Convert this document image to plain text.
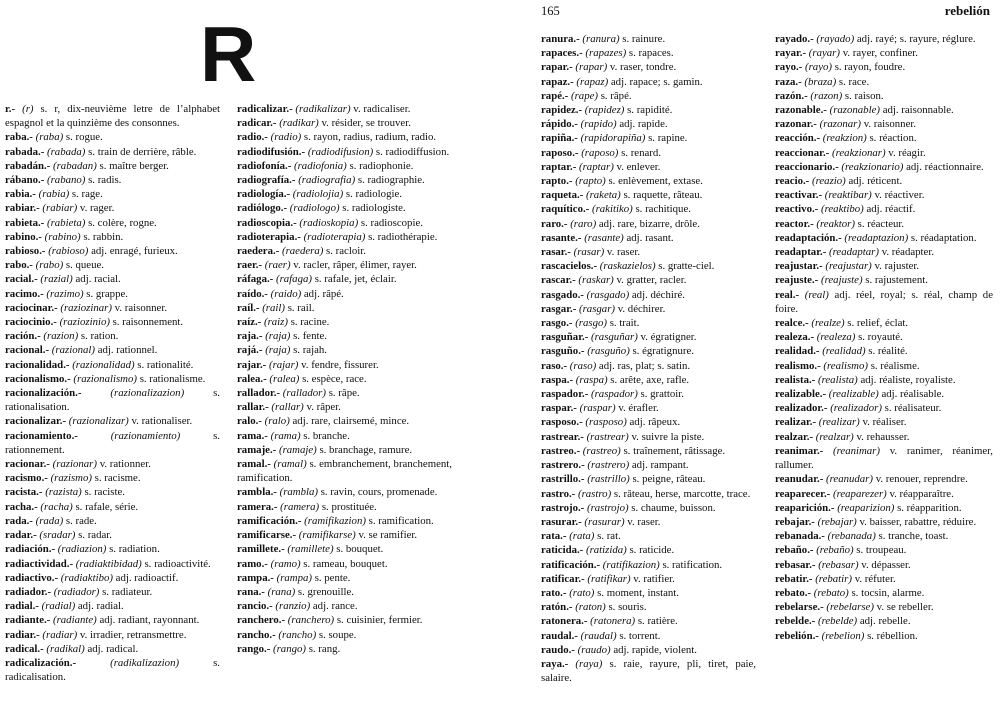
165	rebelión
R
r.- (r) s. r, dix-neuvième letre de l’alphabet espagnol et la quinzième des consonnes.
raba.- (raba) s. rogue.
rabada.- (rabada) s. train de derrière, râble.
rabadán.- (rabadan) s. maître berger.
rábano.- (rabano) s. radis.
rabia.- (rabia) s. rage.
rabiar.- (rabiar) v. rager.
rabieta.- (rabieta) s. colère, rogne.
rabino.- (rabino) s. rabbin.
rabioso.- (rabioso) adj. enragé, furieux.
rabo.- (rabo) s. queue.
racial.- (razial) adj. racial.
racimo.- (razimo) s. grappe.
raciocinar.- (raziozinar) v. raisonner.
raciocinio.- (raziozinio) s. raisonnement.
ración.- (razion) s. ration.
racional.- (razional) adj. rationnel.
racionalidad.- (razionalidad) s. rationalité.
racionalismo.- (razionalismo) s. rationalisme.
racionalización.-	(razionalizazion)	s. rationalisation.
racionalizar.- (razionalizar) v. rationaliser.
racionamiento.-	(razionamiento)	s. rationnement.
racionar.- (razionar) v. rationner.
racismo.- (razismo) s. racisme.
racista.- (razista) s. raciste.
racha.- (racha) s. rafale, série.
rada.- (rada) s. rade.
radar.- (sradar) s. radar.
radiación.- (radiazion) s. radiation.
radiactividad.- (radiaktibidad) s. radioactivité.
radiactivo.- (radiaktibo) adj. radioactif.
radiador.- (radiador) s. radiateur.
radial.- (radial) adj. radial.
radiante.- (radiante) adj. radiant, rayonnant.
radiar.- (radiar) v. irradier, retransmettre.
radical.- (radikal) adj. radical.
radicalización.-	(radikalizazion)	s. radicalisation.
radicalizar.- (radikalizar) v. radicaliser.
radicar.- (radikar) v. résider, se trouver.
radio.- (radio) s. rayon, radius, radium, radio.
radiodifusión.- (radiodifusion) s. radiodiffusion.
radiofonía.- (radiofonia) s. radiophonie.
radiografía.- (radiografia) s. radiographie.
radiología.- (radiolojia) s. radiologie.
radiólogo.- (radiologo) s. radiologiste.
radioscopia.- (radioskopia) s. radioscopie.
radioterapia.- (radioterapia) s. radiothérapie.
raedera.- (raedera) s. racloir.
raer.- (raer) v. racler, râper, élimer, rayer.
ráfaga.- (rafaga) s. rafale, jet, éclair.
raído.- (raido) adj. râpé.
raíl.- (rail) s. rail.
raíz.- (raiz) s. racine.
raja.- (raja) s. fente.
rajá.- (raja) s. rajah.
rajar.- (rajar) v. fendre, fissurer.
ralea.- (ralea) s. espèce, race.
rallador.- (rallador) s. râpe.
rallar.- (rallar) v. râper.
ralo.- (ralo) adj. rare, clairsemé, mince.
rama.- (rama) s. branche.
ramaje.- (ramaje) s. branchage, ramure.
ramal.- (ramal) s. embranchement, branchement, ramification.
rambla.- (rambla) s. ravin, cours, promenade.
ramera.- (ramera) s. prostituée.
ramificación.- (ramifikazion) s. ramification.
ramificarse.- (ramifikarse) v. se ramifier.
ramillete.- (ramillete) s. bouquet.
ramo.- (ramo) s. rameau, bouquet.
rampa.- (rampa) s. pente.
rana.- (rana) s. grenouille.
rancio.- (ranzio) adj. rance.
ranchero.- (ranchero) s. cuisinier, fermier.
rancho.- (rancho) s. soupe.
rango.- (rango) s. rang.
ranura.- (ranura) s. rainure.
rapaces.- (rapazes) s. rapaces.
rapar.- (rapar) v. raser, tondre.
rapaz.- (rapaz) adj. rapace; s. gamin.
rapé.- (rape) s. râpé.
rapidez.- (rapidez) s. rapidité.
rápido.- (rapido) adj. rapide.
rapiña.- (rapidorapiña) s. rapine.
raposo.- (raposo) s. renard.
raptar.- (raptar) v. enlever.
rapto.- (rapto) s. enlèvement, extase.
raqueta.- (raketa) s. raquette, râteau.
raquítico.- (rakitiko) s. rachitique.
raro.- (raro) adj. rare, bizarre, drôle.
rasante.- (rasante) adj. rasant.
rasar.- (rasar) v. raser.
rascacielos.- (raskazielos) s. gratte-ciel.
rascar.- (raskar) v. gratter, racler.
rasgado.- (rasgado) adj. déchiré.
rasgar.- (rasgar) v. déchirer.
rasgo.- (rasgo) s. trait.
rasguñar.- (rasguñar) v. égratigner.
rasguño.- (rasguño) s. égratignure.
raso.- (raso) adj. ras, plat; s. satin.
raspa.- (raspa) s. arête, axe, rafle.
raspador.- (raspador) s. grattoir.
raspar.- (raspar) v. érafler.
rasposo.- (rasposo) adj. râpeux.
rastrear.- (rastrear) v. suivre la piste.
rastreo.- (rastreo) s. traînement, râtissage.
rastrero.- (rastrero) adj. rampant.
rastrillo.- (rastrillo) s. peigne, râteau.
rastro.- (rastro) s. râteau, herse, marcotte, trace.
rastrojo.- (rastrojo) s. chaume, buisson.
rasurar.- (rasurar) v. raser.
rata.- (rata) s. rat.
raticida.- (ratizida) s. raticide.
ratificación.- (ratifikazion) s. ratification.
ratificar.- (ratifikar) v. ratifier.
rato.- (rato) s. moment, instant.
ratón.- (raton) s. souris.
ratonera.- (ratonera) s. ratière.
raudal.- (raudal) s. torrent.
raudo.- (raudo) adj. rapide, violent.
raya.- (raya) s. raie, rayure, pli, tiret, paie, salaire.
rayado.- (rayado) adj. rayé; s. rayure, réglure.
rayar.- (rayar) v. rayer, confiner.
rayo.- (rayo) s. rayon, foudre.
raza.- (braza) s. race.
razón.- (razon) s. raison.
razonable.- (razonable) adj. raisonnable.
razonar.- (razonar) v. raisonner.
reacción.- (reakzion) s. réaction.
reaccionar.- (reakzionar) v. réagir.
reaccionario.- (reakzionario) adj. réactionnaire.
reacio.- (reazio) adj. réticent.
reactivar.- (reaktibar) v. réactiver.
reactivo.- (reaktibo) adj. réactif.
reactor.- (reaktor) s. réacteur.
readaptación.- (readaptazion) s. réadaptation.
readaptar.- (readaptar) v. réadapter.
reajustar.- (reajustar) v. rajuster.
reajuste.- (reajuste) s. rajustement.
real.- (real) adj. réel, royal; s. réal, champ de foire.
realce.- (realze) s. relief, éclat.
realeza.- (realeza) s. royauté.
realidad.- (realidad) s. réalité.
realismo.- (realismo) s. réalisme.
realista.- (realista) adj. réaliste, royaliste.
realizable.- (realizable) adj. réalisable.
realizador.- (realizador) s. réalisateur.
realizar.- (realizar) v. réaliser.
realzar.- (realzar) v. rehausser.
reanimar.- (reanimar) v. ranimer, réanimer, rallumer.
reanudar.- (reanudar) v. renouer, reprendre.
reaparecer.- (reaparezer) v. réapparaître.
reaparición.- (reaparizion) s. réapparition.
rebajar.- (rebajar) v. baisser, rabattre, réduire.
rebanada.- (rebanada) s. tranche, toast.
rebaño.- (rebaño) s. troupeau.
rebasar.- (rebasar) v. dépasser.
rebatir.- (rebatir) v. réfuter.
rebato.- (rebato) s. tocsin, alarme.
rebelarse.- (rebelarse) v. se rebeller.
rebelde.- (rebelde) adj. rebelle.
rebelión.- (rebelion) s. rébellion.
